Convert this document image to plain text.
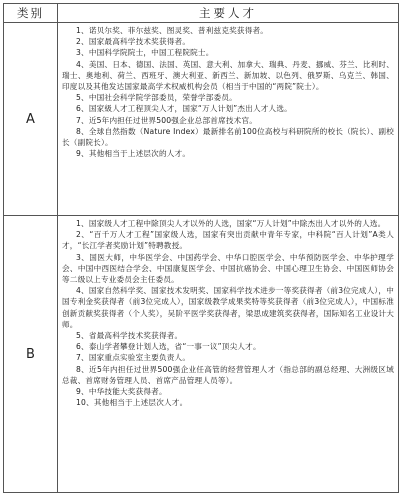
类别	主要人才
A
1、诺贝尔奖、菲尔兹奖、图灵奖、普利兹克奖获得者。
2、国家最高科学技术奖获得者。
3、中国科学院院士，中国工程院院士。
4、美国、日本、德国、法国、英国、意大利、加拿大、瑞典、丹麦、挪威、芬兰、比利时、瑞士、奥地利、荷兰、西班牙、澳大利亚、新西兰、新加坡、以色列、俄罗斯、乌克兰、韩国、印度以及其他发达国家最高学术权威机构会员（相当于中国的“两院”院士）。
5、中国社会科学院学部委员，荣誉学部委员。
6、国家級人才工程顶尖人才，国家“万人计划”杰出人才人选。
7、近5年内担任过世界500强企业总部首席技术官。
8、全球自然指数（Nature Index）最新排名前100位高校与科研院所的校长（院长）、副校长（副院长）。
9、其他相当于上述层次的人才。
B
1、国家级人才工程中除顶尖人才以外的人选，国家“万人计划”中除杰出人才以外的人选。
2、“百千万人才工程”国家级人选，国家有突出贡献中青年专家，中科院“百人计划”A类人才，“长江学者奖励计划”特聘教授。
3、国医大师，中华医学会、中国药学会、中华口腔医学会、中华预防医学会、中华护理学会、中国中西医结合学会、中国康复医学会、中国抗癌协会、中国心理卫生协会、中国医师协会等二级以上专业委员会主任委员。
4、国家自然科学奖、国家技术发明奖、国家科学技术进步一等奖获得者（前3位完成人），中国专利金奖获得者（前3位完成人），国家级教学成果奖特等奖获得者（前3位完成人），中国标准创新贡献奖获得者（个人奖），吴阶平医学奖获得者，梁思成建筑奖获得者，国际知名工业设计大师。
5、省最高科学技术奖获得者。
6、泰山学者攀登计划人选，省“一事一议”顶尖人才。
7、国家重点实验室主要负责人。
8、近5年内担任过世界500强企业任高管的经营管理人才（指总部的副总经理、大洲级区域总裁、首席财务管理人员、首席产品管理人员等）。
9、中华技能大奖获得者。
10、其他相当于上述层次人才。
